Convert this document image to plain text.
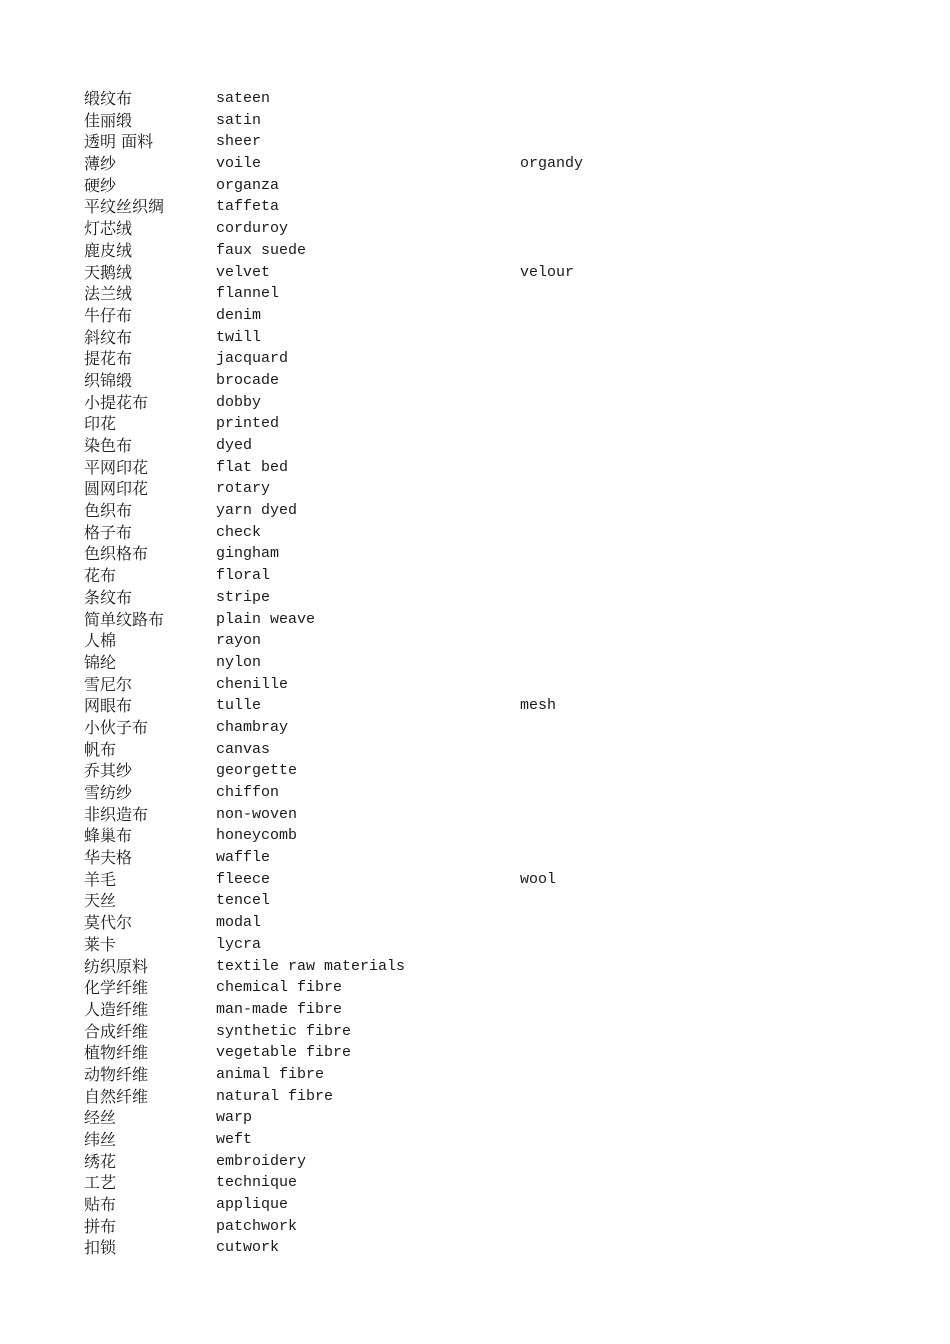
缎纹布	sateen
佳丽缎	satin
透明 面料	sheer
薄纱	voile	organdy
硬纱	organza
平纹丝织绸	taffeta
灯芯绒	corduroy
鹿皮绒	faux suede
天鹅绒	velvet	velour
法兰绒	flannel
牛仔布	denim
斜纹布	twill
提花布	jacquard
织锦缎	brocade
小提花布	dobby
印花	printed
染色布	dyed
平网印花	flat bed
圆网印花	rotary
色织布	yarn dyed
格子布	check
色织格布	gingham
花布	floral
条纹布	stripe
简单纹路布	plain weave
人棉	rayon
锦纶	nylon
雪尼尔	chenille
网眼布	tulle	mesh
小伙子布	chambray
帆布	canvas
乔其纱	georgette
雪纺纱	chiffon
非织造布	non-woven
蜂巢布	honeycomb
华夫格	waffle
羊毛	fleece	wool
天丝	tencel
莫代尔	modal
莱卡	lycra
纺织原料	textile raw materials
化学纤维	chemical fibre
人造纤维	man-made fibre
合成纤维	synthetic fibre
植物纤维	vegetable fibre
动物纤维	animal fibre
自然纤维	natural fibre
经丝	warp
纬丝	weft
绣花	embroidery
工艺	technique
贴布	applique
拼布	patchwork
扣锁	cutwork
